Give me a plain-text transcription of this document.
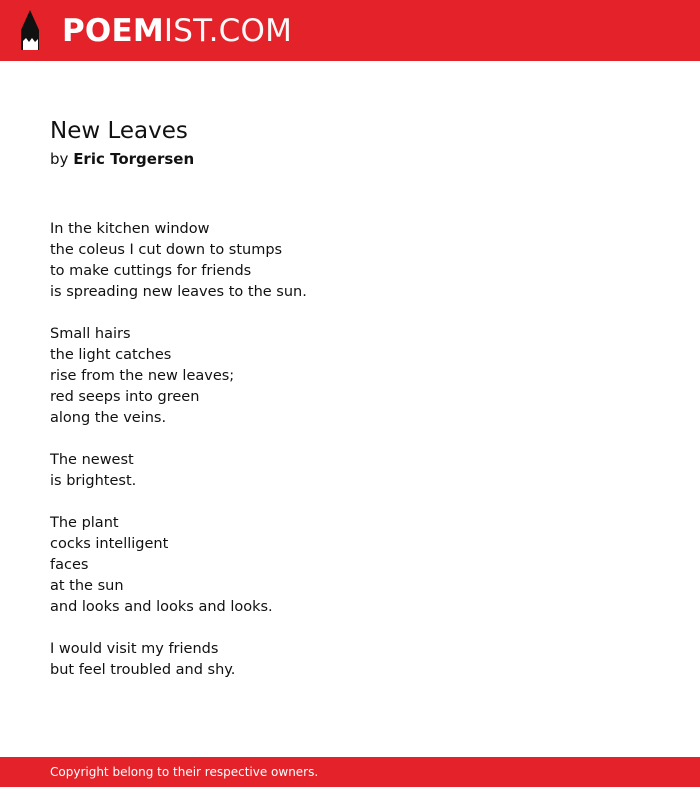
POEMIST.COM
New Leaves

by Eric Torgersen

In the kitchen window
the coleus I cut down to stumps
to make cuttings for friends
is spreading new leaves to the sun.
Small hairs
the light catches
rise from the new leaves;
red seeps into green
along the veins.
The newest
is brightest.
The plant
cocks intelligent
faces
at the sun
and looks and looks and looks.
I would visit my friends
but feel troubled and shy.
Copyright belong to their respective owners.
